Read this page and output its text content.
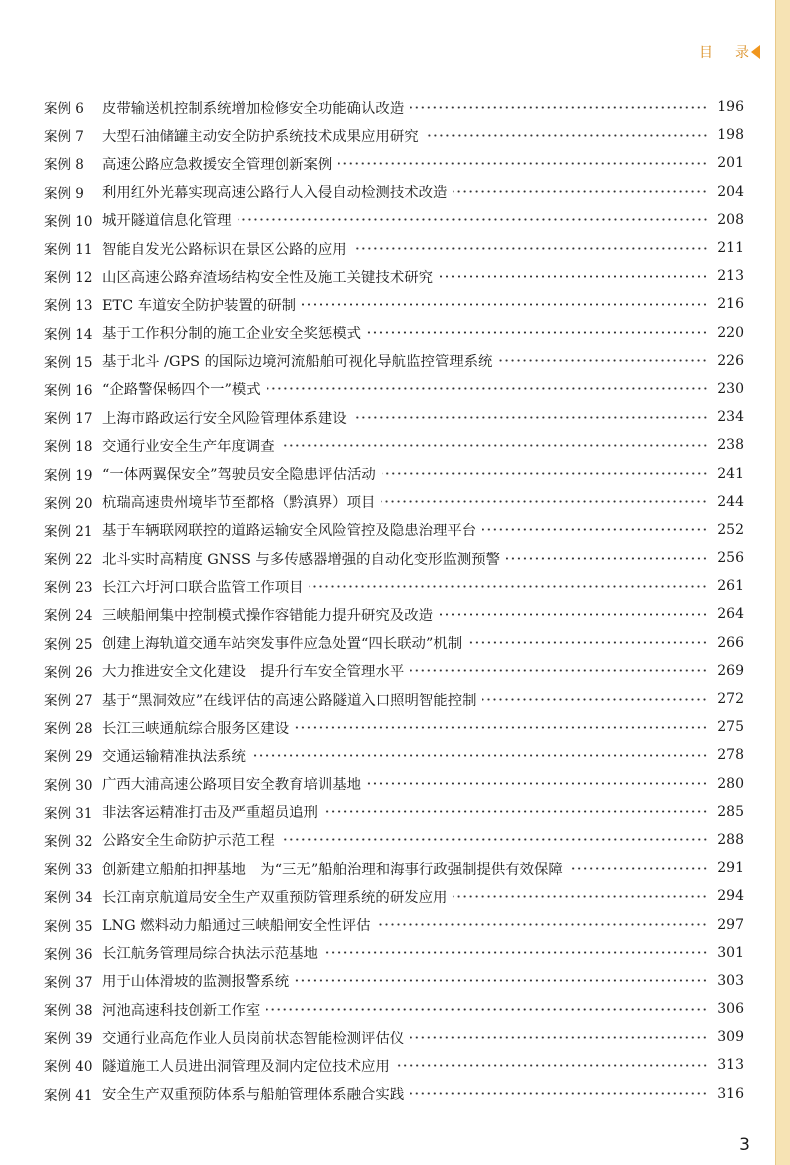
目 录
案例 6	皮带输送机控制系统增加检修安全功能确认改造	196
案例 7	大型石油储罐主动安全防护系统技术成果应用研究	198
案例 8	高速公路应急救援安全管理创新案例	201
案例 9	利用红外光幕实现高速公路行人入侵自动检测技术改造	204
案例 10 城开隧道信息化管理	208
案例 11 智能自发光公路标识在景区公路的应用	211
案例 12 山区高速公路弃渣场结构安全性及施工关键技术研究	213
案例 13 ETC 车道安全防护装置的研制	216
案例 14 基于工作积分制的施工企业安全奖惩模式	220
案例 15 基于北斗 /GPS 的国际边境河流船舶可视化导航监控管理系统	226
案例 16 “企路警保畅四个一”模式	230
案例 17 上海市路政运行安全风险管理体系建设	234
案例 18 交通行业安全生产年度调查	238
案例 19 “一体两翼保安全”驾驶员安全隐患评估活动	241
案例 20 杭瑞高速贵州境毕节至都格（黔滇界）项目	244
案例 21 基于车辆联网联控的道路运输安全风险管控及隐患治理平台	252
案例 22 北斗实时高精度 GNSS 与多传感器增强的自动化变形监测预警	256
案例 23 长江六圩河口联合监管工作项目	261
案例 24 三峡船闸集中控制模式操作容错能力提升研究及改造	264
案例 25 创建上海轨道交通车站突发事件应急处置“四长联动”机制	266
案例 26 大力推进安全文化建设　提升行车安全管理水平	269
案例 27 基于“黑洞效应”在线评估的高速公路隧道入口照明智能控制	272
案例 28 长江三峡通航综合服务区建设	275
案例 29 交通运输精准执法系统	278
案例 30 广西大浦高速公路项目安全教育培训基地	280
案例 31 非法客运精准打击及严重超员追刑	285
案例 32 公路安全生命防护示范工程	288
案例 33 创新建立船舶扣押基地　为“三无”船舶治理和海事行政强制提供有效保障	291
案例 34 长江南京航道局安全生产双重预防管理系统的研发应用	294
案例 35 LNG 燃料动力船通过三峡船闸安全性评估	297
案例 36 长江航务管理局综合执法示范基地	301
案例 37 用于山体滑坡的监测报警系统	303
案例 38 河池高速科技创新工作室	306
案例 39 交通行业高危作业人员岗前状态智能检测评估仪	309
案例 40 隧道施工人员进出洞管理及洞内定位技术应用	313
案例 41 安全生产双重预防体系与船舶管理体系融合实践	316
3
